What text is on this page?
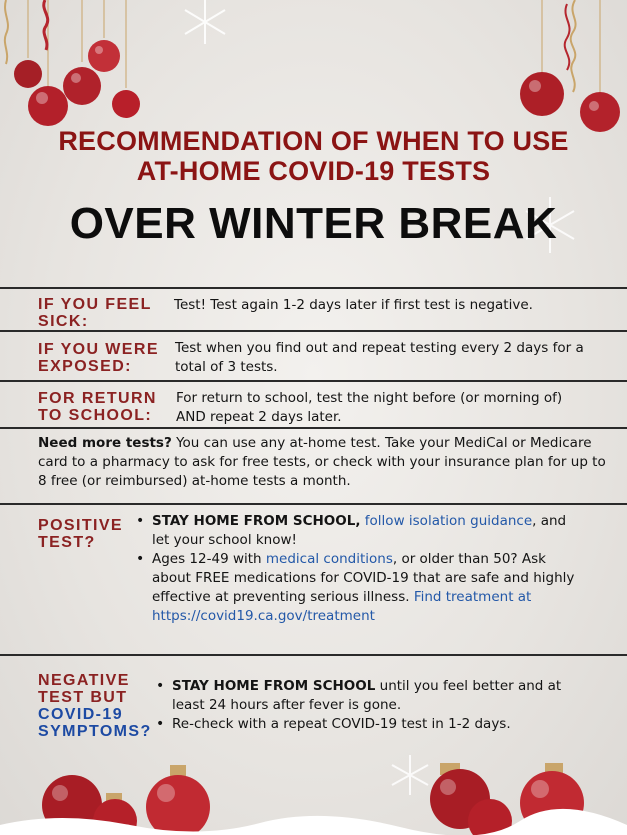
RECOMMENDATION OF WHEN TO USE
AT-HOME COVID-19 TESTS
OVER WINTER BREAK
IF YOU FEEL
SICK:
Test! Test again 1-2 days later if first test is negative.
IF YOU WERE
EXPOSED:
Test when you find out and repeat testing every 2 days for a total of 3 tests.
FOR RETURN
TO SCHOOL:
For return to school, test the night before (or morning of)
AND repeat 2 days later.
Need more tests? You can use any at-home test. Take your MediCal or Medicare card to a pharmacy to ask for free tests, or check with your insurance plan for up to 8 free (or reimbursed) at-home tests a month.
POSITIVE
TEST?
• STAY HOME FROM SCHOOL, follow isolation guidance, and let your school know!
• Ages 12-49 with medical conditions, or older than 50? Ask about FREE medications for COVID-19 that are safe and highly effective at preventing serious illness. Find treatment at https://covid19.ca.gov/treatment
NEGATIVE
TEST BUT
COVID-19
SYMPTOMS?
• STAY HOME FROM SCHOOL until you feel better and at least 24 hours after fever is gone.
• Re-check with a repeat COVID-19 test in 1-2 days.
